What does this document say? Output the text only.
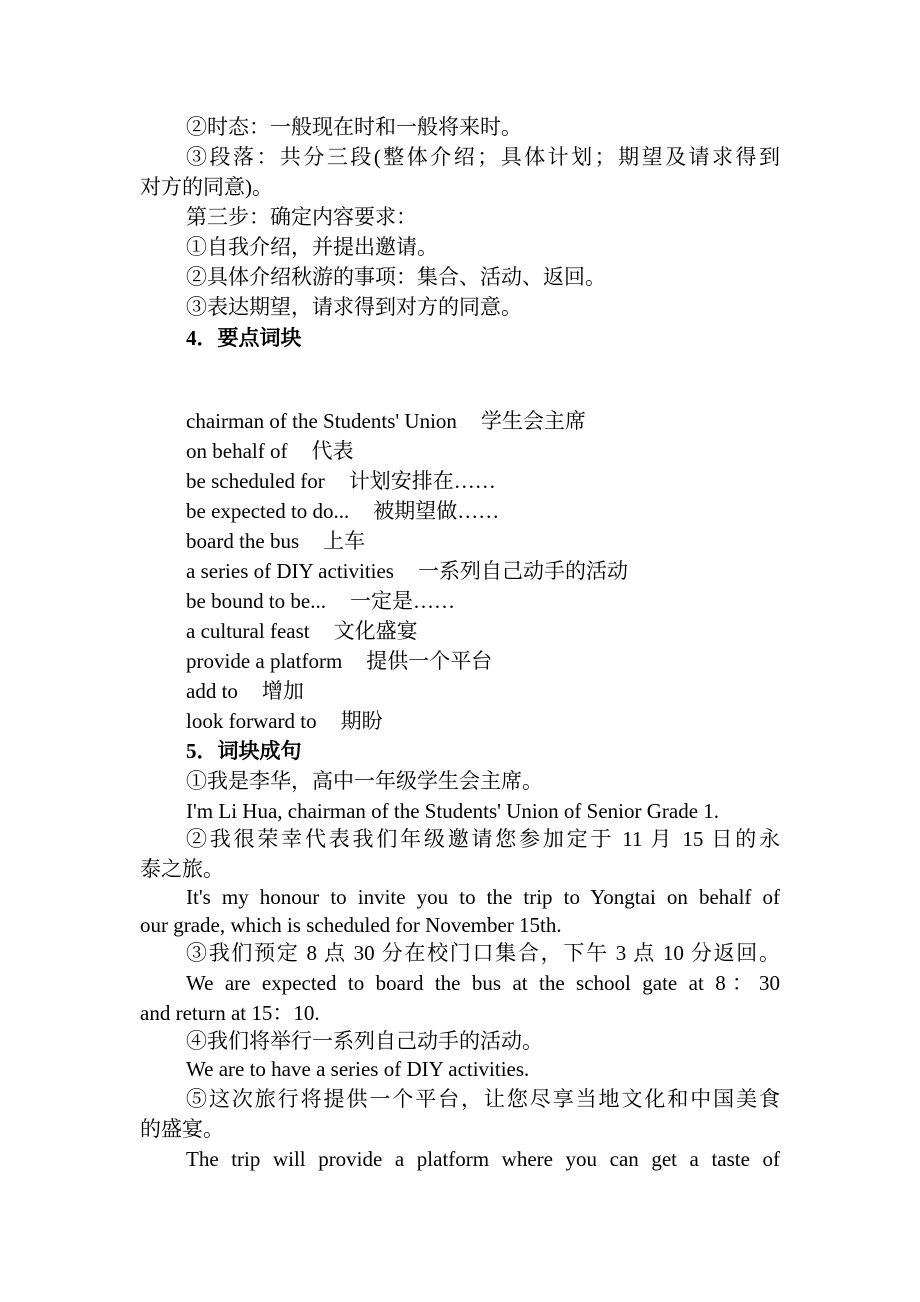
②时态：一般现在时和一般将来时。
③段落：共分三段(整体介绍；具体计划；期望及请求得到
对方的同意)。
第三步：确定内容要求：
①自我介绍，并提出邀请。
②具体介绍秋游的事项：集合、活动、返回。
③表达期望，请求得到对方的同意。
4．要点词块
chairman of the Students' Union 学生会主席
on behalf of 代表
be scheduled for 计划安排在……
be expected to do... 被期望做……
board the bus 上车
a series of DIY activities 一系列自己动手的活动
be bound to be... 一定是……
a cultural feast 文化盛宴
provide a platform 提供一个平台
add to 增加
look forward to 期盼
5．词块成句
①我是李华，高中一年级学生会主席。
I'm Li Hua, chairman of the Students' Union of Senior Grade 1.
②我很荣幸代表我们年级邀请您参加定于 11 月 15 日的永
泰之旅。
It's my honour to invite you to the trip to Yongtai on behalf of
our grade, which is scheduled for November 15th.
③我们预定 8 点 30 分在校门口集合，下午 3 点 10 分返回。
We are expected to board the bus at the school gate at 8：30
and return at 15：10.
④我们将举行一系列自己动手的活动。
We are to have a series of DIY activities.
⑤这次旅行将提供一个平台，让您尽享当地文化和中国美食
的盛宴。
The trip will provide a platform where you can get a taste of
